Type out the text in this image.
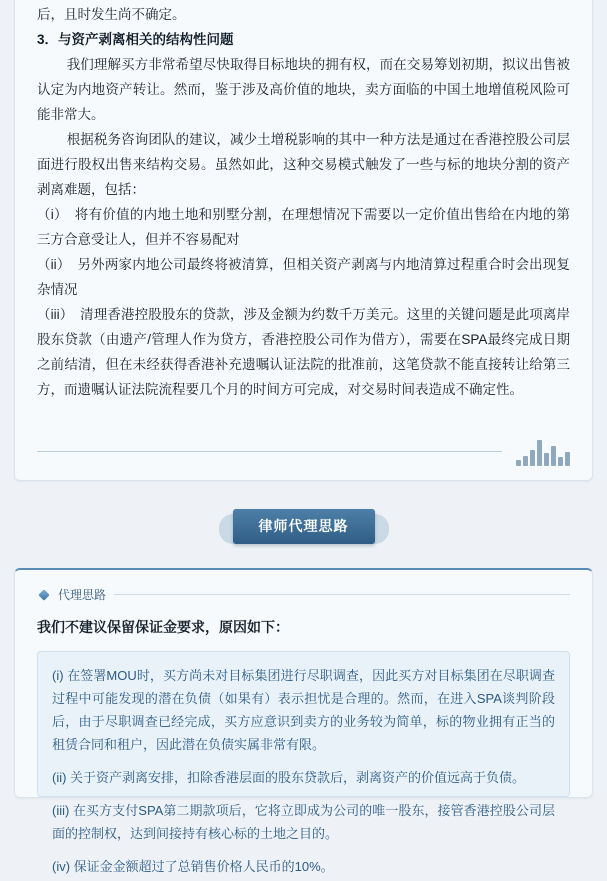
后，且时发生尚不确定。

3．与资产剥离相关的结构性问题

我们理解买方非常希望尽快取得目标地块的拥有权，而在交易筹划初期，拟议出售被认定为内地资产转让。然而，鉴于涉及高价值的地块，卖方面临的中国土地增值税风险可能非常大。

根据税务咨询团队的建议，减少土增税影响的其中一种方法是通过在香港控股公司层面进行股权出售来结构交易。虽然如此，这种交易模式触发了一些与标的地块分割的资产剥离难题，包括：

（i）　将有价值的内地土地和别墅分割，在理想情况下需要以一定价值出售给在内地的第三方合意受让人，但并不容易配对

（ii）　另外两家内地公司最终将被清算，但相关资产剥离与内地清算过程重合时会出现复杂情况

（iii）　清理香港控股股东的贷款，涉及金额为约数千万美元。这里的关键问题是此项离岸股东贷款（由遗产/管理人作为贷方，香港控股公司作为借方），需要在SPA最终完成日期之前结清，但在未经获得香港补充遗嘱认证法院的批准前，这笔贷款不能直接转让给第三方，而遗嘱认证法院流程要几个月的时间方可完成，对交易时间表造成不确定性。

律师代理思路
代理思路
我们不建议保留保证金要求，原因如下：

(i) 在签署MOU时，买方尚未对目标集团进行尽职调查，因此买方对目标集团在尽职调查过程中可能发现的潜在负债（如果有）表示担忧是合理的。然而，在进入SPA谈判阶段后，由于尽职调查已经完成，买方应意识到卖方的业务较为简单，标的物业拥有正当的租赁合同和租户，因此潜在负债实属非常有限。

(ii) 关于资产剥离安排，扣除香港层面的股东贷款后，剥离资产的价值远高于负债。

(iii) 在买方支付SPA第二期款项后，它将立即成为公司的唯一股东，接管香港控股公司层面的控制权，达到间接持有核心标的土地之目的。

(iv) 保证金金额超过了总销售价格人民币的10%。
